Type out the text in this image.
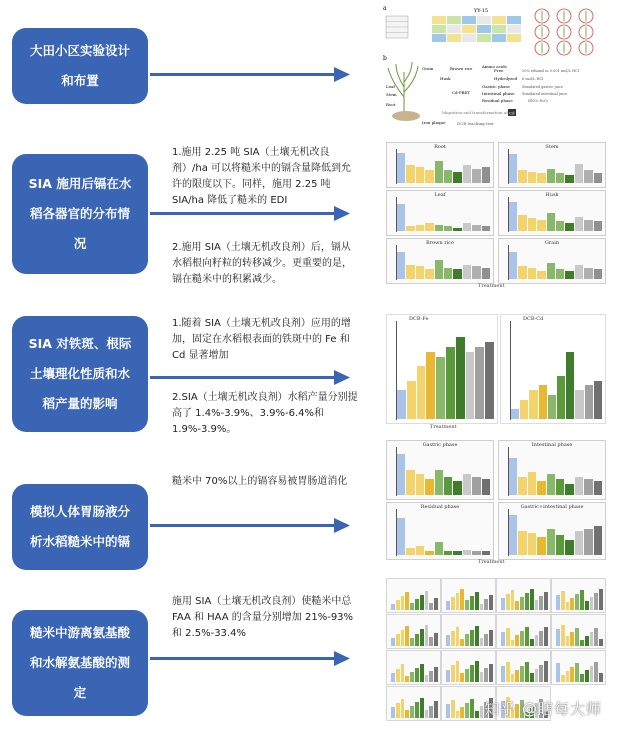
大田小区实验设计
和布置
SIA 施用后镉在水
稻各器官的分布情
况
SIA 对铁斑、根际
土壤理化性质和水
稻产量的影响
模拟人体胃肠液分
析水稻糙米中的镉
糙米中游离氨基酸
和水解氨基酸的测
定
1.施用 2.25 吨 SIA（土壤无机改良剂）/ha 可以将糙米中的镉含量降低到允许的限度以下。同样，施用 2.25 吨 SIA/ha 降低了糙米的 EDI
2.施用 SIA（土壤无机改良剂）后，镉从水稻根向籽粒的转移减少。更重要的是，镉在糙米中的积累减少。
1.随着 SIA（土壤无机改良剂）应用的增加，固定在水稻根表面的铁斑中的 Fe 和 Cd 显著增加
2.SIA（土壤无机改良剂）水稻产量分别提高了 1.4%-3.9%、3.9%-6.4%和 1.9%-3.9%。
糙米中 70%以上的镉容易被胃肠道消化
施用 SIA（土壤无机改良剂）使糙米中总 FAA 和 HAA 的含量分别增加 21%-93%和 2.5%-33.4%
a
b
YY-15
Leaf
Stem
Root
Iron plaque
Grain
Husk
Brown rice Amino acids
Hydrolyzed
Free	20% ethanol in 0.001 mol/L HCl
6 mol/L HCl
Gastric phase
Intestinal phase
Residual phase
Simulated gastric juice
Simulated intestinal juice
HNO₃-H₂O₂
Cd-PBET
Migration and transformation of Cd
DCB leaching test
Root	Stem
Leaf	Husk
Brown rice	Grain
Treatment
DCB-Fe	DCB-Cd
Treatment
Gastric phase	Intestinal phase
Residual phase	Gastric+intestinal phase
Treatment
知乎 @瞎每大师
